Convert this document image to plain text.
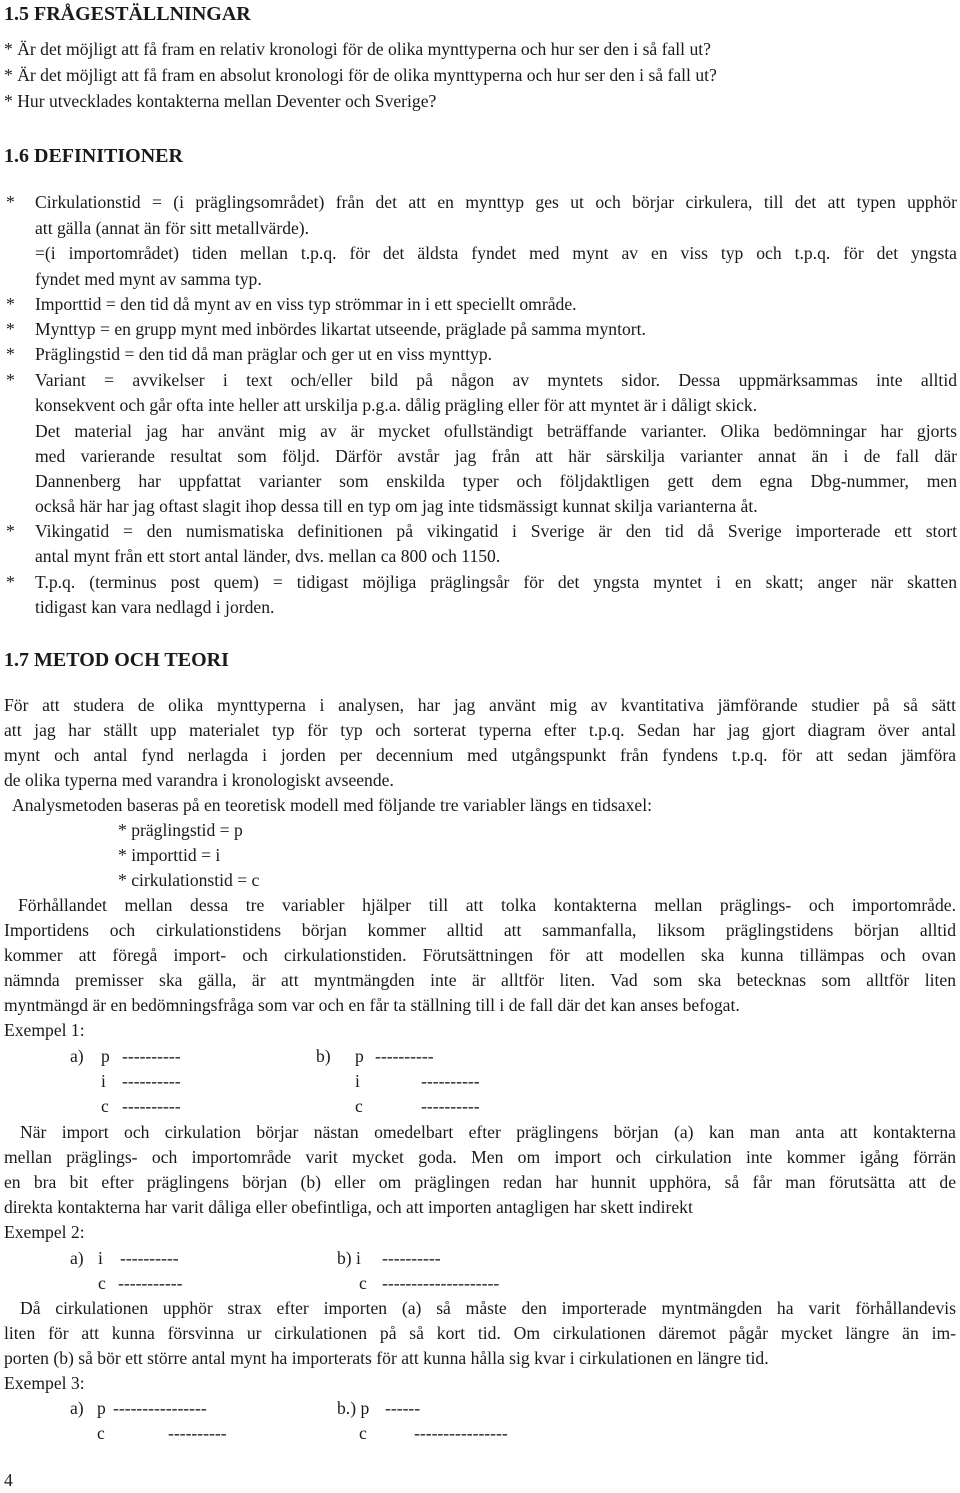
1.5 FRÅGESTÄLLNINGAR
* Är det möjligt att få fram en relativ kronologi för de olika mynttyperna och hur ser den i så fall ut?
* Är det möjligt att få fram en absolut kronologi för de olika mynttyperna och hur ser den i så fall ut?
* Hur utvecklades kontakterna mellan Deventer och Sverige?
1.6 DEFINITIONER
* Cirkulationstid = (i präglingsområdet) från det att en mynttyp ges ut och börjar cirkulera, till det att typen upphör
att gälla (annat än för sitt metallvärde).
=(i importområdet) tiden mellan t.p.q. för det äldsta fyndet med mynt av en viss typ och t.p.q. för det yngsta
fyndet med mynt av samma typ.
* Importtid = den tid då mynt av en viss typ strömmar in i ett speciellt område.
* Mynttyp = en grupp mynt med inbördes likartat utseende, präglade på samma myntort.
* Präglingstid = den tid då man präglar och ger ut en viss mynttyp.
* Variant = avvikelser i text och/eller bild på någon av myntets sidor. Dessa uppmärksammas inte alltid
konsekvent och går ofta inte heller att urskilja p.g.a. dålig prägling eller för att myntet är i dåligt skick.
Det material jag har använt mig av är mycket ofullständigt beträffande varianter. Olika bedömningar har gjorts
med varierande resultat som följd. Därför avstår jag från att här särskilja varianter annat än i de fall där
Dannenberg har uppfattat varianter som enskilda typer och följdaktligen gett dem egna Dbg-nummer, men
också här har jag oftast slagit ihop dessa till en typ om jag inte tidsmässigt kunnat skilja varianterna åt.
* Vikingatid = den numismatiska definitionen på vikingatid i Sverige är den tid då Sverige importerade ett stort
antal mynt från ett stort antal länder, dvs. mellan ca 800 och 1150.
* T.p.q. (terminus post quem) = tidigast möjliga präglingsår för det yngsta myntet i en skatt; anger när skatten
tidigast kan vara nedlagd i jorden.
1.7 METOD OCH TEORI
För att studera de olika mynttyperna i analysen, har jag använt mig av kvantitativa jämförande studier på så sätt
att jag har ställt upp materialet typ för typ och sorterat typerna efter t.p.q. Sedan har jag gjort diagram över antal
mynt och antal fynd nerlagda i jorden per decennium med utgångspunkt från fyndens t.p.q. för att sedan jämföra
de olika typerna med varandra i kronologiskt avseende.
Analysmetoden baseras på en teoretisk modell med följande tre variabler längs en tidsaxel:
* präglingstid = p
* importtid = i
* cirkulationstid = c
Förhållandet mellan dessa tre variabler hjälper till att tolka kontakterna mellan präglings- och importområde.
Importidens och cirkulationstidens början kommer alltid att sammanfalla, liksom präglingstidens början alltid
kommer att föregå import- och cirkulationstiden. Förutsättningen för att modellen ska kunna tillämpas och ovan
nämnda premisser ska gälla, är att myntmängden inte är alltför liten. Vad som ska betecknas som alltför liten
myntmängd är en bedömningsfråga som var och en får ta ställning till i de fall där det kan anses befogat.
Exempel 1:
a) p ----------
i ----------
c ----------
b) p ----------
i	----------
c	----------
När import och cirkulation börjar nästan omedelbart efter präglingens början (a) kan man anta att kontakterna
mellan präglings- och importområde varit mycket goda. Men om import och cirkulation inte kommer igång förrän
en bra bit efter präglingens början (b) eller om präglingen redan har hunnit upphöra, så får man förutsätta att de
direkta kontakterna har varit dåliga eller obefintliga, och att importen antagligen har skett indirekt
Exempel 2:
a) i ----------
c -----------
b) i ----------
c --------------------
Då cirkulationen upphör strax efter importen (a) så måste den importerade myntmängden ha varit förhållandevis
liten för att kunna försvinna ur cirkulationen på så kort tid. Om cirkulationen däremot pågår mycket längre än im-
porten (b) så bör ett större antal mynt ha importerats för att kunna hålla sig kvar i cirkulationen en längre tid.
Exempel 3:
a) p ----------------
c	----------
b.) p ------
c	----------------
4
